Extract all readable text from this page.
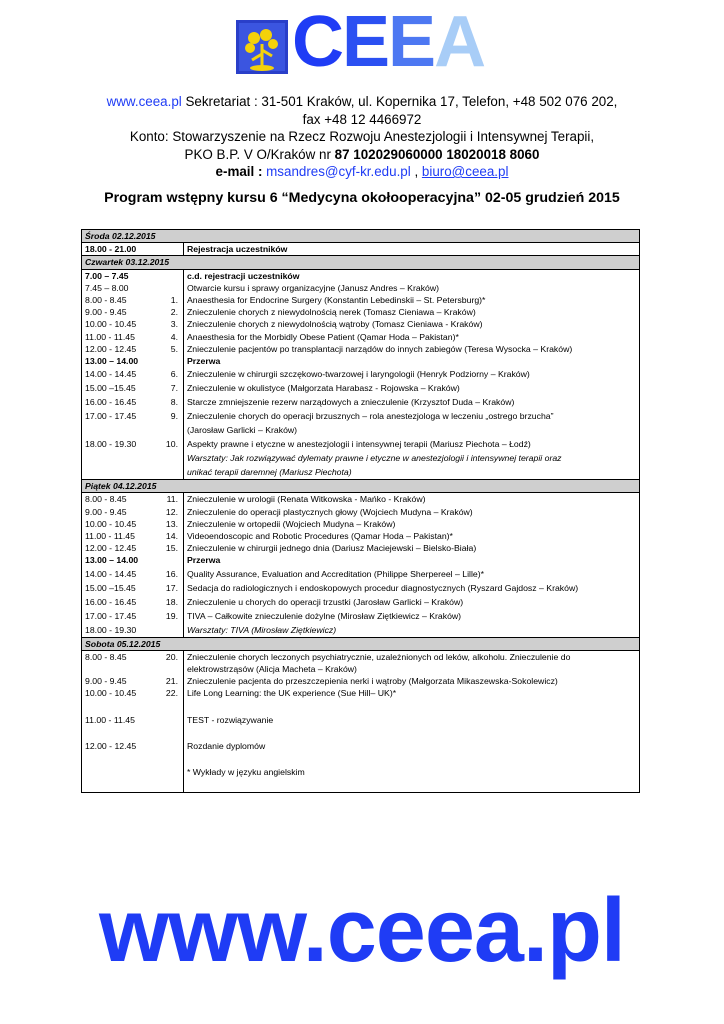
CEEA
www.ceea.pl Sekretariat : 31-501 Kraków, ul. Kopernika 17, Telefon, +48 502 076 202,
fax +48 12 4466972
Konto: Stowarzyszenie na Rzecz Rozwoju Anestezjologii i Intensywnej Terapii,
PKO B.P. V O/Kraków nr 87 102029060000 18020018 8060
e-mail : msandres@cyf-kr.edu.pl , biuro@ceea.pl
Program wstępny kursu 6 “Medycyna okołooperacyjna” 02-05 grudzień 2015
Środa 02.12.2015		
18.00 - 21.00		Rejestracja uczestników
Czwartek 03.12.2015		
7.00 – 7.45		c.d. rejestracji uczestników
7.45 – 8.00		Otwarcie kursu i sprawy organizacyjne (Janusz Andres – Kraków)
8.00 - 8.45	1.	Anaesthesia for Endocrine Surgery (Konstantin Lebedinskii – St. Petersburg)*
9.00 - 9.45	2.	Znieczulenie chorych z niewydolnością nerek (Tomasz Cieniawa – Kraków)
10.00 - 10.45	3.	Znieczulenie chorych z niewydolnością wątroby (Tomasz Cieniawa - Kraków)
11.00 - 11.45	4.	Anaesthesia for the Morbidly Obese Patient (Qamar Hoda – Pakistan)*
12.00 - 12.45	5.	Znieczulenie pacjentów po transplantacji narządów do innych zabiegów (Teresa Wysocka – Kraków)
13.00 – 14.00		Przerwa
14.00 - 14.45	6.	Znieczulenie w chirurgii szczękowo-twarzowej i laryngologii (Henryk Podziorny – Kraków)
15.00 –15.45	7.	Znieczulenie w okulistyce (Małgorzata Harabasz - Rojowska – Kraków)
16.00 - 16.45	8.	Starcze zmniejszenie rezerw narządowych a znieczulenie (Krzysztof Duda – Kraków)
17.00 - 17.45	9.	Znieczulenie chorych do operacji brzusznych – rola anestezjologa w leczeniu „ostrego brzucha”
		(Jarosław Garlicki – Kraków)
18.00 - 19.30	10.	Aspekty prawne i etyczne w anestezjologii i intensywnej terapii (Mariusz Piechota – Łodź)
		Warsztaty: Jak rozwiązywać dylematy prawne i etyczne w anestezjologii i intensywnej terapii oraz
		unikać terapii daremnej (Mariusz Piechota)
Piątek 04.12.2015		
8.00 - 8.45	11.	Znieczulenie w urologii (Renata Witkowska - Mańko - Kraków)
9.00 - 9.45	12.	Znieczulenie do operacji plastycznych głowy (Wojciech Mudyna – Kraków)
10.00 - 10.45	13.	Znieczulenie w ortopedii (Wojciech Mudyna – Kraków)
11.00 - 11.45	14.	Videoendoscopic and Robotic Procedures (Qamar Hoda – Pakistan)*
12.00 - 12.45	15.	Znieczulenie w chirurgii jednego dnia (Dariusz Maciejewski – Bielsko-Biała)
13.00 – 14.00		Przerwa
14.00 - 14.45	16.	Quality Assurance, Evaluation and Accreditation (Philippe Sherpereel – Lille)*
15.00 –15.45	17.	Sedacja do radiologicznych i endoskopowych procedur diagnostycznych (Ryszard Gajdosz – Kraków)
16.00 - 16.45	18.	Znieczulenie u chorych do operacji trzustki (Jarosław Garlicki – Kraków)
17.00 - 17.45	19.	TIVA – Całkowite znieczulenie dożylne (Mirosław Ziętkiewicz – Kraków)
18.00 - 19.30		Warsztaty: TIVA (Mirosław Ziętkiewicz)
Sobota 05.12.2015		
8.00 - 8.45	20.	Znieczulenie chorych leczonych psychiatrycznie, uzależnionych od leków, alkoholu. Znieczulenie do
		elektrowstrząsów (Alicja Macheta – Kraków)
9.00 - 9.45	21.	Znieczulenie pacjenta do przeszczepienia nerki i wątroby (Małgorzata Mikaszewska-Sokolewicz)
10.00 - 10.45	22.	Life Long Learning: the UK experience (Sue Hill– UK)*

11.00 - 11.45		TEST - rozwiązywanie

12.00 - 12.45		Rozdanie dyplomów

		* Wykłady w języku angielskim

www.ceea.pl
